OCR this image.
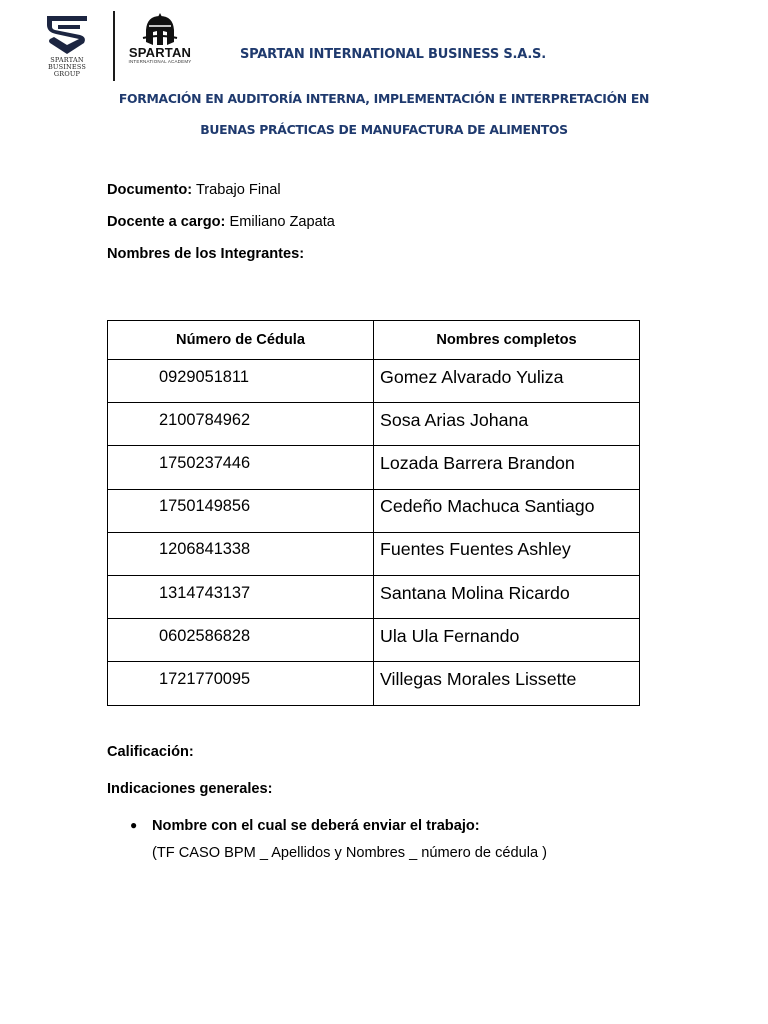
SPARTAN
BUSINESS GROUP
SPARTAN
INTERNATIONAL ACADEMY	SPARTAN INTERNATIONAL BUSINESS S.A.S.
FORMACIÓN EN AUDITORÍA INTERNA, IMPLEMENTACIÓN E INTERPRETACIÓN EN
BUENAS PRÁCTICAS DE MANUFACTURA DE ALIMENTOS
Documento: Trabajo Final
Docente a cargo: Emiliano Zapata
Nombres de los Integrantes:
Número de Cédula	Nombres completos
0929051811	Gomez Alvarado Yuliza
2100784962	Sosa Arias Johana
1750237446	Lozada Barrera Brandon
1750149856	Cedeño Machuca Santiago
1206841338	Fuentes Fuentes Ashley
1314743137	Santana Molina Ricardo
0602586828	Ula Ula Fernando
1721770095	Villegas Morales Lissette
Calificación:
Indicaciones generales:
● Nombre con el cual se deberá enviar el trabajo:
(TF CASO BPM _ Apellidos y Nombres _ número de cédula )
